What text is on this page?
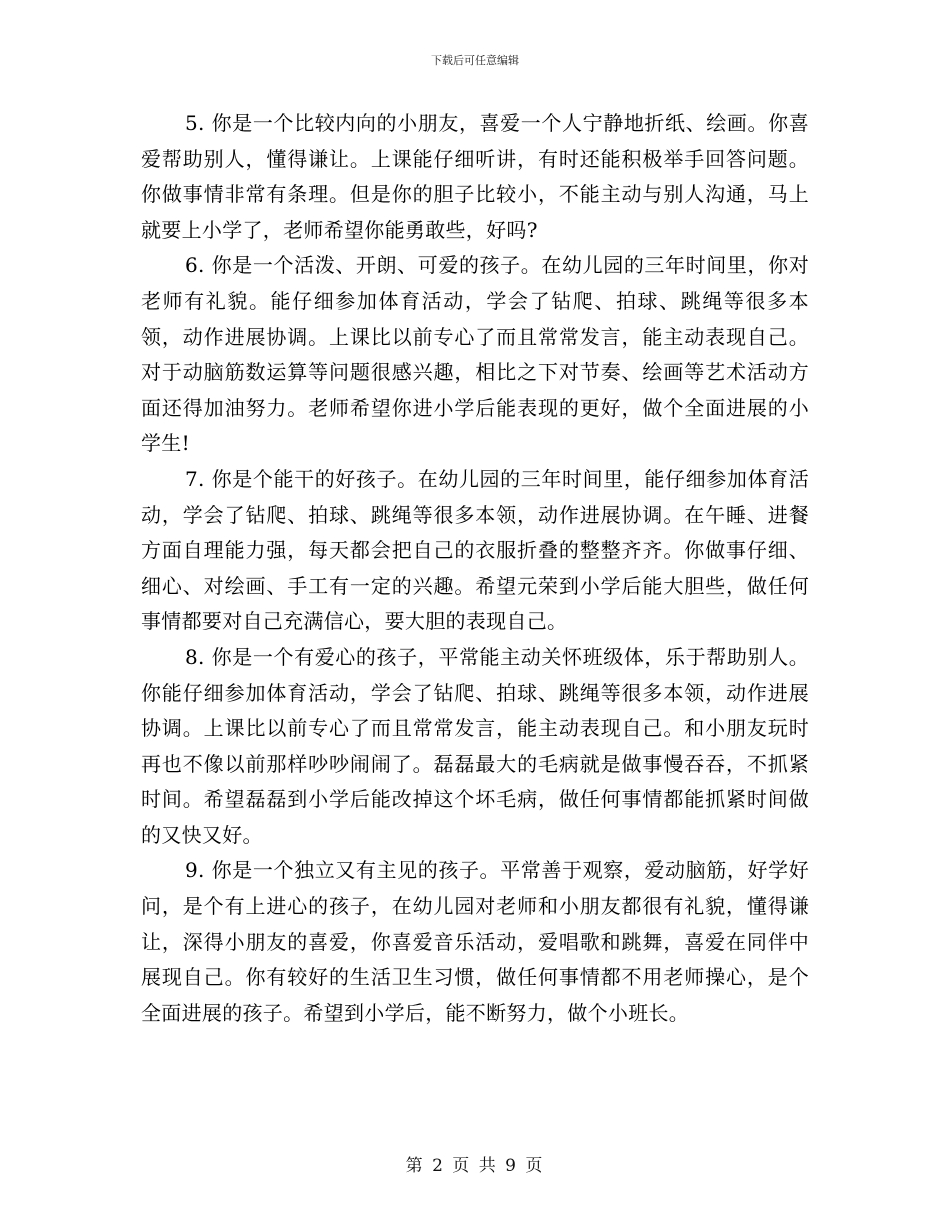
下载后可任意编辑

5. 你是一个比较内向的小朋友，喜爱一个人宁静地折纸、绘画。你喜爱帮助别人，懂得谦让。上课能仔细听讲，有时还能积极举手回答问题。你做事情非常有条理。但是你的胆子比较小，不能主动与别人沟通，马上就要上小学了，老师希望你能勇敢些，好吗?

6. 你是一个活泼、开朗、可爱的孩子。在幼儿园的三年时间里，你对老师有礼貌。能仔细参加体育活动，学会了钻爬、拍球、跳绳等很多本领，动作进展协调。上课比以前专心了而且常常发言，能主动表现自己。对于动脑筋数运算等问题很感兴趣，相比之下对节奏、绘画等艺术活动方面还得加油努力。老师希望你进小学后能表现的更好，做个全面进展的小学生!

7. 你是个能干的好孩子。在幼儿园的三年时间里，能仔细参加体育活动，学会了钻爬、拍球、跳绳等很多本领，动作进展协调。在午睡、进餐方面自理能力强，每天都会把自己的衣服折叠的整整齐齐。你做事仔细、细心、对绘画、手工有一定的兴趣。希望元荣到小学后能大胆些，做任何事情都要对自己充满信心，要大胆的表现自己。

8. 你是一个有爱心的孩子，平常能主动关怀班级体，乐于帮助别人。你能仔细参加体育活动，学会了钻爬、拍球、跳绳等很多本领，动作进展协调。上课比以前专心了而且常常发言，能主动表现自己。和小朋友玩时再也不像以前那样吵吵闹闹了。磊磊最大的毛病就是做事慢吞吞，不抓紧时间。希望磊磊到小学后能改掉这个坏毛病，做任何事情都能抓紧时间做的又快又好。

9. 你是一个独立又有主见的孩子。平常善于观察，爱动脑筋，好学好问，是个有上进心的孩子，在幼儿园对老师和小朋友都很有礼貌，懂得谦让，深得小朋友的喜爱，你喜爱音乐活动，爱唱歌和跳舞，喜爱在同伴中展现自己。你有较好的生活卫生习惯，做任何事情都不用老师操心，是个全面进展的孩子。希望到小学后，能不断努力，做个小班长。

第 2 页 共 9 页
